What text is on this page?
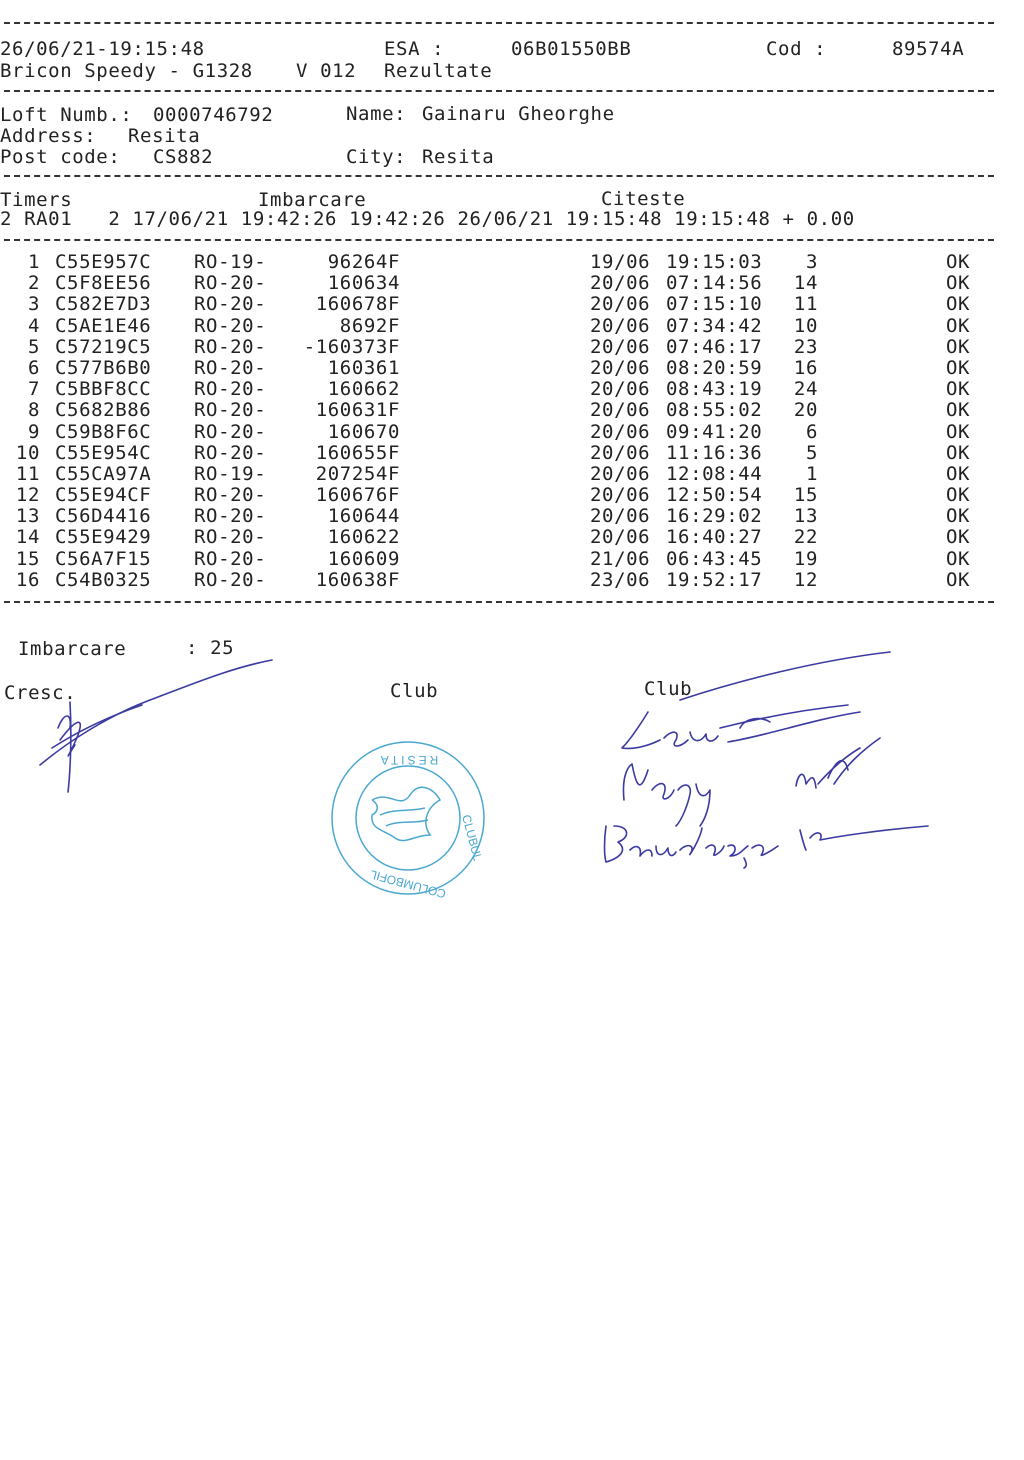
26/06/21-19:15:48	ESA :	06B01550BB	Cod :	89574A
Bricon Speedy - G1328 V 012 Rezultate
Loft Numb.: 0000746792	Name: Gainaru Gheorghe
Address: Resita
Post code: CS882	City: Resita
Timers	Imbarcare	Citeste
2 RA01   2 17/06/21 19:42:26 19:42:26 26/06/21 19:15:48 19:15:48 + 0.00
1 C55E957C RO-19-	96264F	19/06 19:15:03	3	OK
2 C5F8EE56 RO-20-	160634	20/06 07:14:56	14	OK
3 C582E7D3 RO-20-	160678F	20/06 07:15:10	11	OK
4 C5AE1E46 RO-20-	8692F	20/06 07:34:42	10	OK
5 C57219C5 RO-20-	-160373F	20/06 07:46:17	23	OK
6 C577B6B0 RO-20-	160361	20/06 08:20:59	16	OK
7 C5BBF8CC RO-20-	160662	20/06 08:43:19	24	OK
8 C5682B86 RO-20-	160631F	20/06 08:55:02	20	OK
9 C59B8F6C RO-20-	160670	20/06 09:41:20	6	OK
10 C55E954C RO-20-	160655F	20/06 11:16:36	5	OK
11 C55CA97A RO-19-	207254F	20/06 12:08:44	1	OK
12 C55E94CF RO-20-	160676F	20/06 12:50:54	15	OK
13 C56D4416 RO-20-	160644	20/06 16:29:02	13	OK
14 C55E9429 RO-20-	160622	20/06 16:40:27	22	OK
15 C56A7F15 RO-20-	160609	21/06 06:43:45	19	OK
16 C54B0325 RO-20-	160638F	23/06 19:52:17	12	OK
Imbarcare	: 25
Cresc.	Club	Club
RESITA
CLUBUL
COLUMBOFIL
